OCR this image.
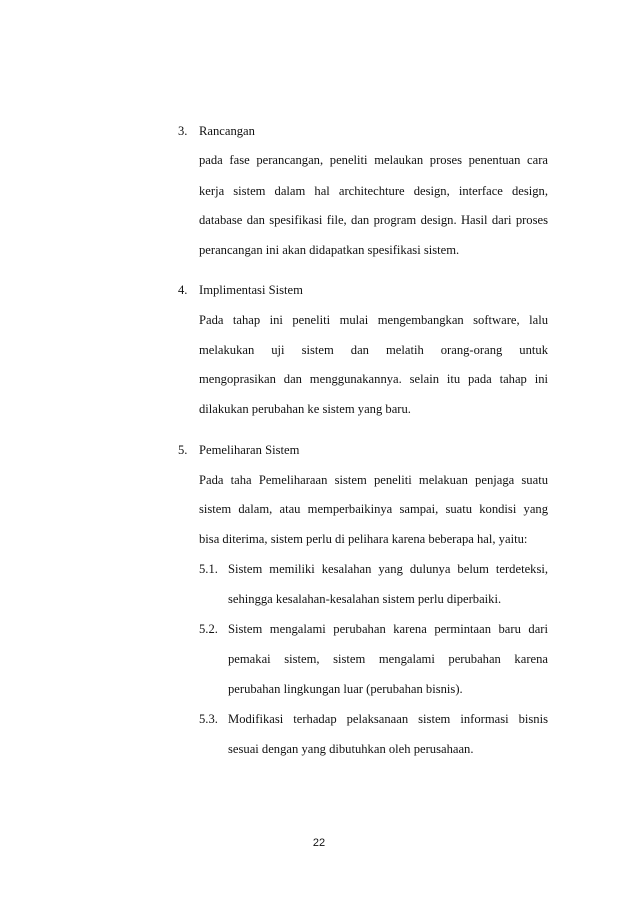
3. Rancangan
pada fase perancangan, peneliti melaukan proses penentuan cara
kerja sistem dalam hal architechture design, interface design,
database dan spesifikasi file, dan program design. Hasil dari proses
perancangan ini akan didapatkan spesifikasi sistem.
4. Implimentasi Sistem
Pada tahap ini peneliti mulai mengembangkan software, lalu
melakukan uji sistem dan melatih orang-orang untuk
mengoprasikan dan menggunakannya. selain itu pada tahap ini
dilakukan perubahan ke sistem yang baru.
5. Pemeliharan Sistem
Pada taha Pemeliharaan sistem peneliti melakuan penjaga suatu
sistem dalam, atau memperbaikinya sampai, suatu kondisi yang
bisa diterima, sistem perlu di pelihara karena beberapa hal, yaitu:
5.1. Sistem memiliki kesalahan yang dulunya belum terdeteksi,
sehingga kesalahan-kesalahan sistem perlu diperbaiki.
5.2. Sistem mengalami perubahan karena permintaan baru dari
pemakai sistem, sistem mengalami perubahan karena
perubahan lingkungan luar (perubahan bisnis).
5.3. Modifikasi terhadap pelaksanaan sistem informasi bisnis
sesuai dengan yang dibutuhkan oleh perusahaan.
22
